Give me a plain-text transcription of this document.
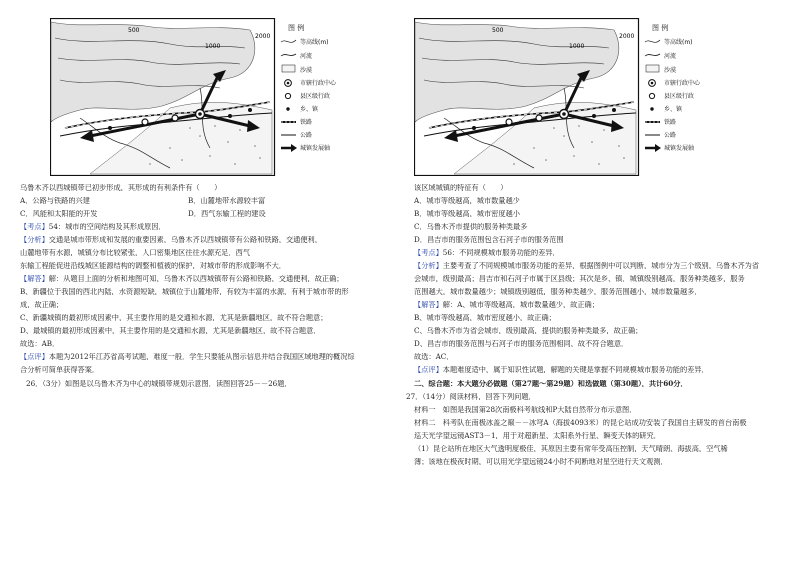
500
1000
2000
图 例
等高线(m)
河流
沙漠
市辖行政中心
县区级行政
乡、镇
铁路
公路
城镇发展轴
乌鲁木齐以西城镇带已初步形成，其形成的有利条件有（　　）
A．公路与铁路的兴建	B．山麓地带水源较丰富
C．风能和太阳能的开发	D．西气东输工程的建设
【考点】54：城市的空间结构及其形成原因．
【分析】交通是城市带形成和发展的重要因素，乌鲁木齐以西城镇带有公路和铁路，交通便利，
山麓地带有水源，城镇分布比较紧张，人口密集地区往往水源充足．西气
东输工程能促进沿线城区能源结构的调整和植被的保护，对城市带的形成影响不大．
【解答】解：从题目上面的分析和地图可知，乌鲁木齐以西城镇带有公路和铁路，交通便利，故正确；
B、新疆位于我国的西北内陆，水资源短缺，城镇位于山麓地带，有较为丰富的水源，有利于城市带的形
成，故正确；
C、新疆城镇的最初形成因素中，其主要作用的是交通和水源，尤其是新疆地区，故不符合题意；
D、最城镇的最初形成因素中，其主要作用的是交通和水源，尤其是新疆地区，故不符合题意．
故选：AB．
【点评】本题为2012年江苏省高考试题，难度一般．学生只要能从图示信息并结合我国区域地理的概况综
合分析可简单获得答案．
26．（3分）如图是以乌鲁木齐为中心的城镇带规划示意图．读图回答25－－26题．
500
1000
2000
图 例
等高线(m)
河流
沙漠
市辖行政中心
县区级行政
乡、镇
铁路
公路
城镇发展轴
该区域城镇的特征有（　　）
A．城市等级越高，城市数量越少
B．城市等级越高，城市密度越小
C．乌鲁木齐市提供的服务种类最多
D．昌吉市的服务范围包含石河子市的服务范围
【考点】56：不同规模城市服务功能的差异．
【分析】主要考查了不同规模城市服务功能的差异，根据图例中可以判断，城市分为三个级别，乌鲁木齐为省
会城市，级别最高；昌吉市和石河子市属于区县级；其次是乡、镇．城镇级别越高，服务种类越多，服务
范围越大，城市数量越少；城镇级别越低，服务种类越少，服务范围越小，城市数量越多．
【解答】解：A、城市等级越高，城市数量越少，故正确；
B、城市等级越高，城市密度越小，故正确；
C、乌鲁木齐市为省会城市，级别最高，提供的服务种类最多，故正确；
D、昌吉市的服务范围与石河子市的服务范围相同，故不符合题意．
故选：AC．
【点评】本题难度适中，属于知识性试题，解题的关键是掌握不同规模城市服务功能的差异．
二、综合题：本大题分必做题（第27题～第29题）和选做题（第30题），共计60分．
27．（14分）阅读材料，回答下列问题．
材料一　如图是我国第28次南极科考航线和P大陆自然带分布示意图．
材料二　科考队在南极冰盖之巅－－冰穹A（海拔4093米）的昆仑站成功安装了我国自主研发的首台南极
巡天光学望远镜AST3－1，用于对超新星、太阳系外行星、瞬变天体的研究．
（1）昆仑站所在地区大气透明度极佳，其原因主要有常年受高压控制，天气晴朗、海拔高，空气稀
薄；该地在极夜时期，可以用光学望远镜24小时不间断地对星空进行天文观测．
